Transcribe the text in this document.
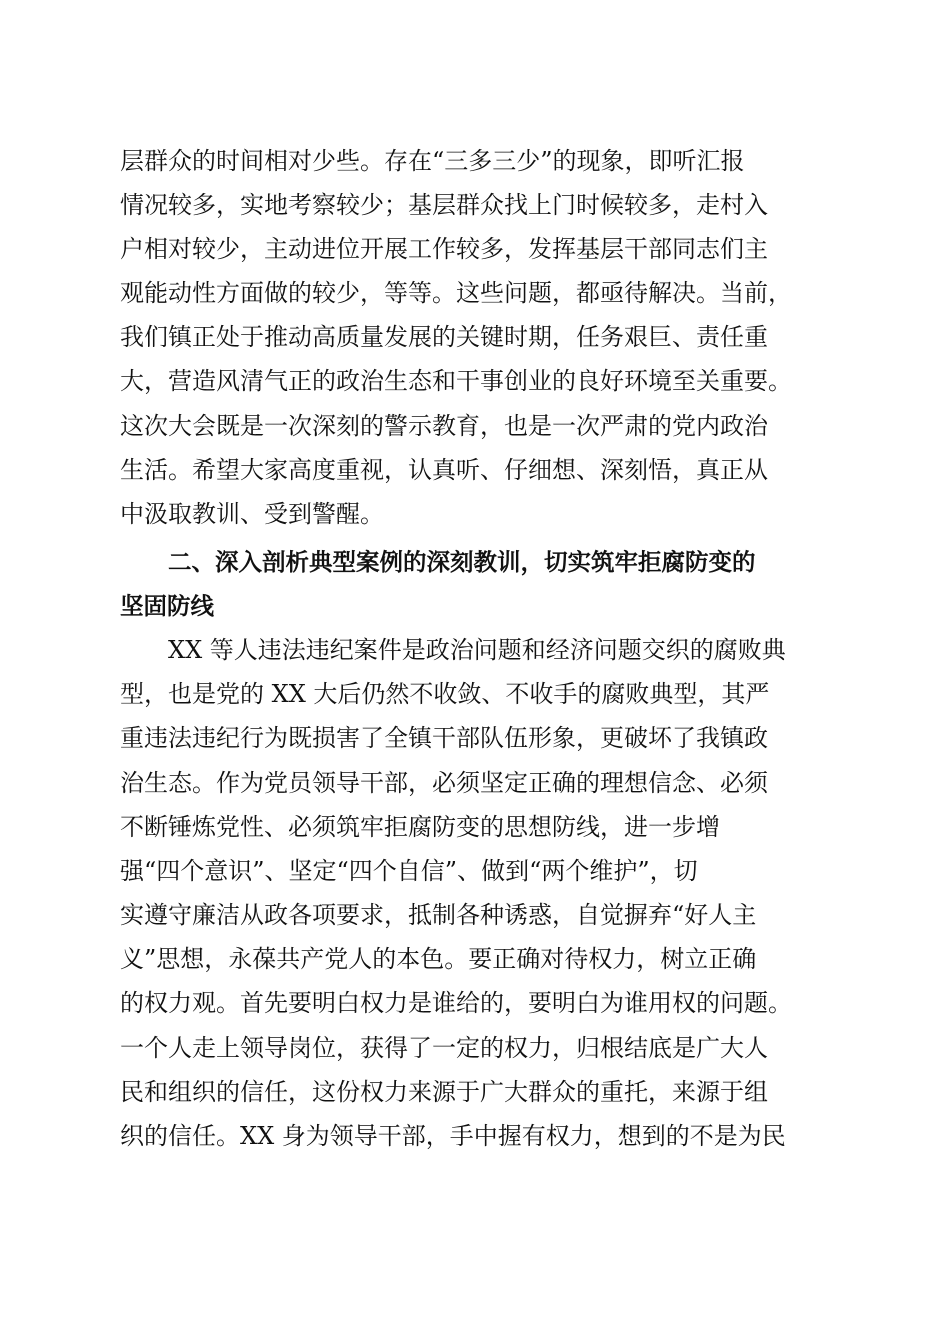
层群众的时间相对少些。存在“三多三少”的现象，即听汇报
情况较多，实地考察较少；基层群众找上门时候较多，走村入
户相对较少，主动进位开展工作较多，发挥基层干部同志们主
观能动性方面做的较少，等等。这些问题，都亟待解决。当前，
我们镇正处于推动高质量发展的关键时期，任务艰巨、责任重
大，营造风清气正的政治生态和干事创业的良好环境至关重要。
这次大会既是一次深刻的警示教育，也是一次严肃的党内政治
生活。希望大家高度重视，认真听、仔细想、深刻悟，真正从
中汲取教训、受到警醒。
二、深入剖析典型案例的深刻教训，切实筑牢拒腐防变的
坚固防线
XX 等人违法违纪案件是政治问题和经济问题交织的腐败典
型，也是党的 XX 大后仍然不收敛、不收手的腐败典型，其严
重违法违纪行为既损害了全镇干部队伍形象，更破坏了我镇政
治生态。作为党员领导干部，必须坚定正确的理想信念、必须
不断锤炼党性、必须筑牢拒腐防变的思想防线，进一步增
强“四个意识”、坚定“四个自信”、做到“两个维护”，切
实遵守廉洁从政各项要求，抵制各种诱惑，自觉摒弃“好人主
义”思想，永葆共产党人的本色。要正确对待权力，树立正确
的权力观。首先要明白权力是谁给的，要明白为谁用权的问题。
一个人走上领导岗位，获得了一定的权力，归根结底是广大人
民和组织的信任，这份权力来源于广大群众的重托，来源于组
织的信任。XX 身为领导干部，手中握有权力，想到的不是为民
